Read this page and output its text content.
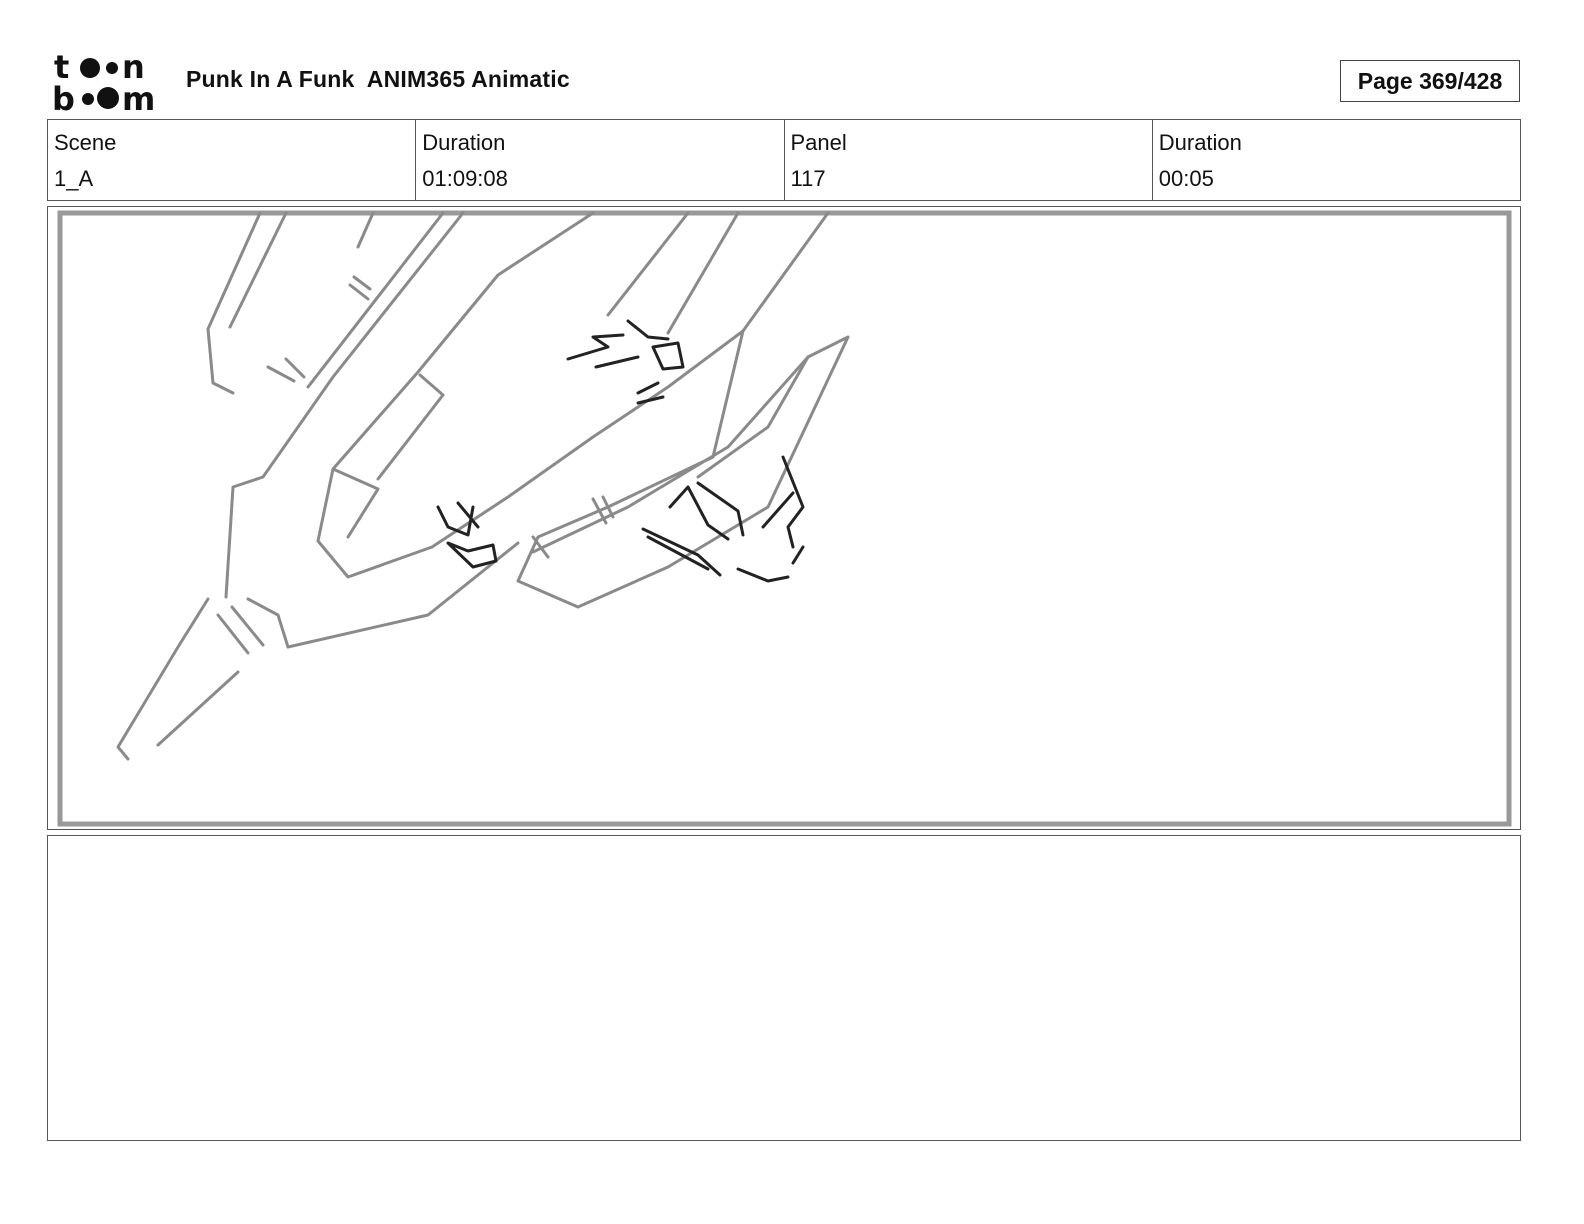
t n
b m
Punk In A Funk  ANIM365 Animatic	Page 369/428
Scene
1_A
Duration
01:09:08
Panel
117
Duration
00:05
